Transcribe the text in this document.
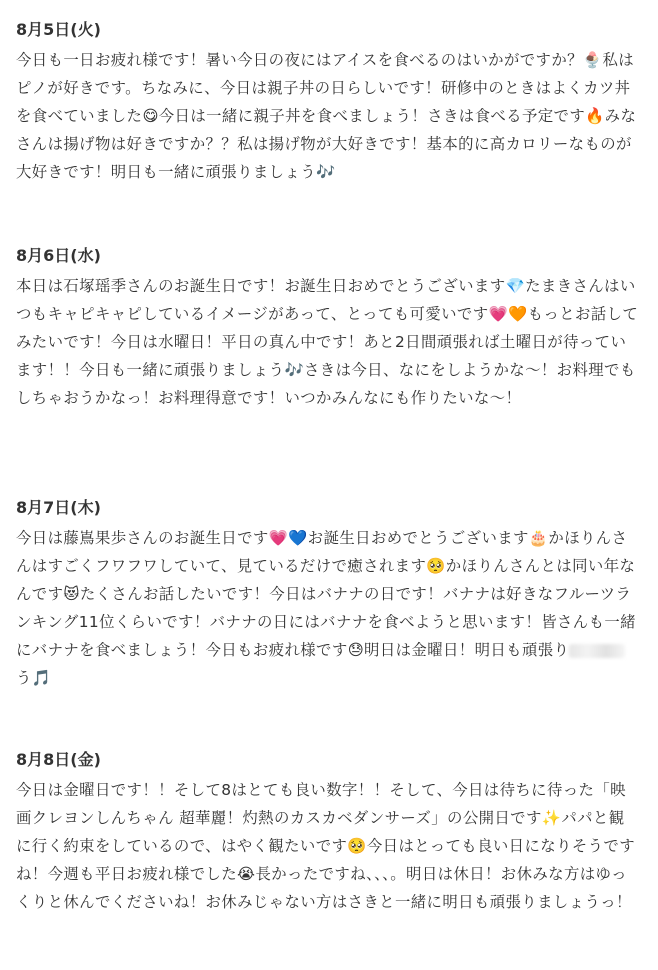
8月5日(火)

今日も一日お疲れ様です！暑い今日の夜にはアイスを食べるのはいかがですか？🍨私はピノが好きです。ちなみに、今日は親子丼の日らしいです！研修中のときはよくカツ丼を食べていました😋今日は一緒に親子丼を食べましょう！さきは食べる予定です🔥みなさんは揚げ物は好きですか？？私は揚げ物が大好きです！基本的に高カロリーなものが大好きです！明日も一緒に頑張りましょう🎶

8月6日(水)

本日は石塚瑶季さんのお誕生日です！お誕生日おめでとうございます💎たまきさんはいつもキャピキャピしているイメージがあって、とっても可愛いです💗🧡もっとお話してみたいです！今日は水曜日！平日の真ん中です！あと2日間頑張れば土曜日が待っています！！今日も一緒に頑張りましょう🎶さきは今日、なにをしようかな〜！お料理でもしちゃおうかなっ！お料理得意です！いつかみんなにも作りたいな〜！

8月7日(木)

今日は藤嶌果歩さんのお誕生日です💗💙お誕生日おめでとうございます🎂かほりんさんはすごくフワフワしていて、見ているだけで癒されます🥺かほりんさんとは同い年なんです😻たくさんお話したいです！今日はバナナの日です！バナナは好きなフルーツランキング11位くらいです！バナナの日にはバナナを食べようと思います！皆さんも一緒にバナナを食べましょう！今日もお疲れ様です😓明日は金曜日！明日も頑張りう🎵

8月8日(金)

今日は金曜日です！！そして8はとても良い数字！！そして、今日は待ちに待った「映画クレヨンしんちゃん 超華麗！灼熱のカスカベダンサーズ」の公開日です✨パパと観に行く約束をしているので、はやく観たいです🥺今日はとっても良い日になりそうですね！今週も平日お疲れ様でした😭長かったですね、、、。明日は休日！お休みな方はゆっくりと休んでくださいね！お休みじゃない方はさきと一緒に明日も頑張りましょうっ！
